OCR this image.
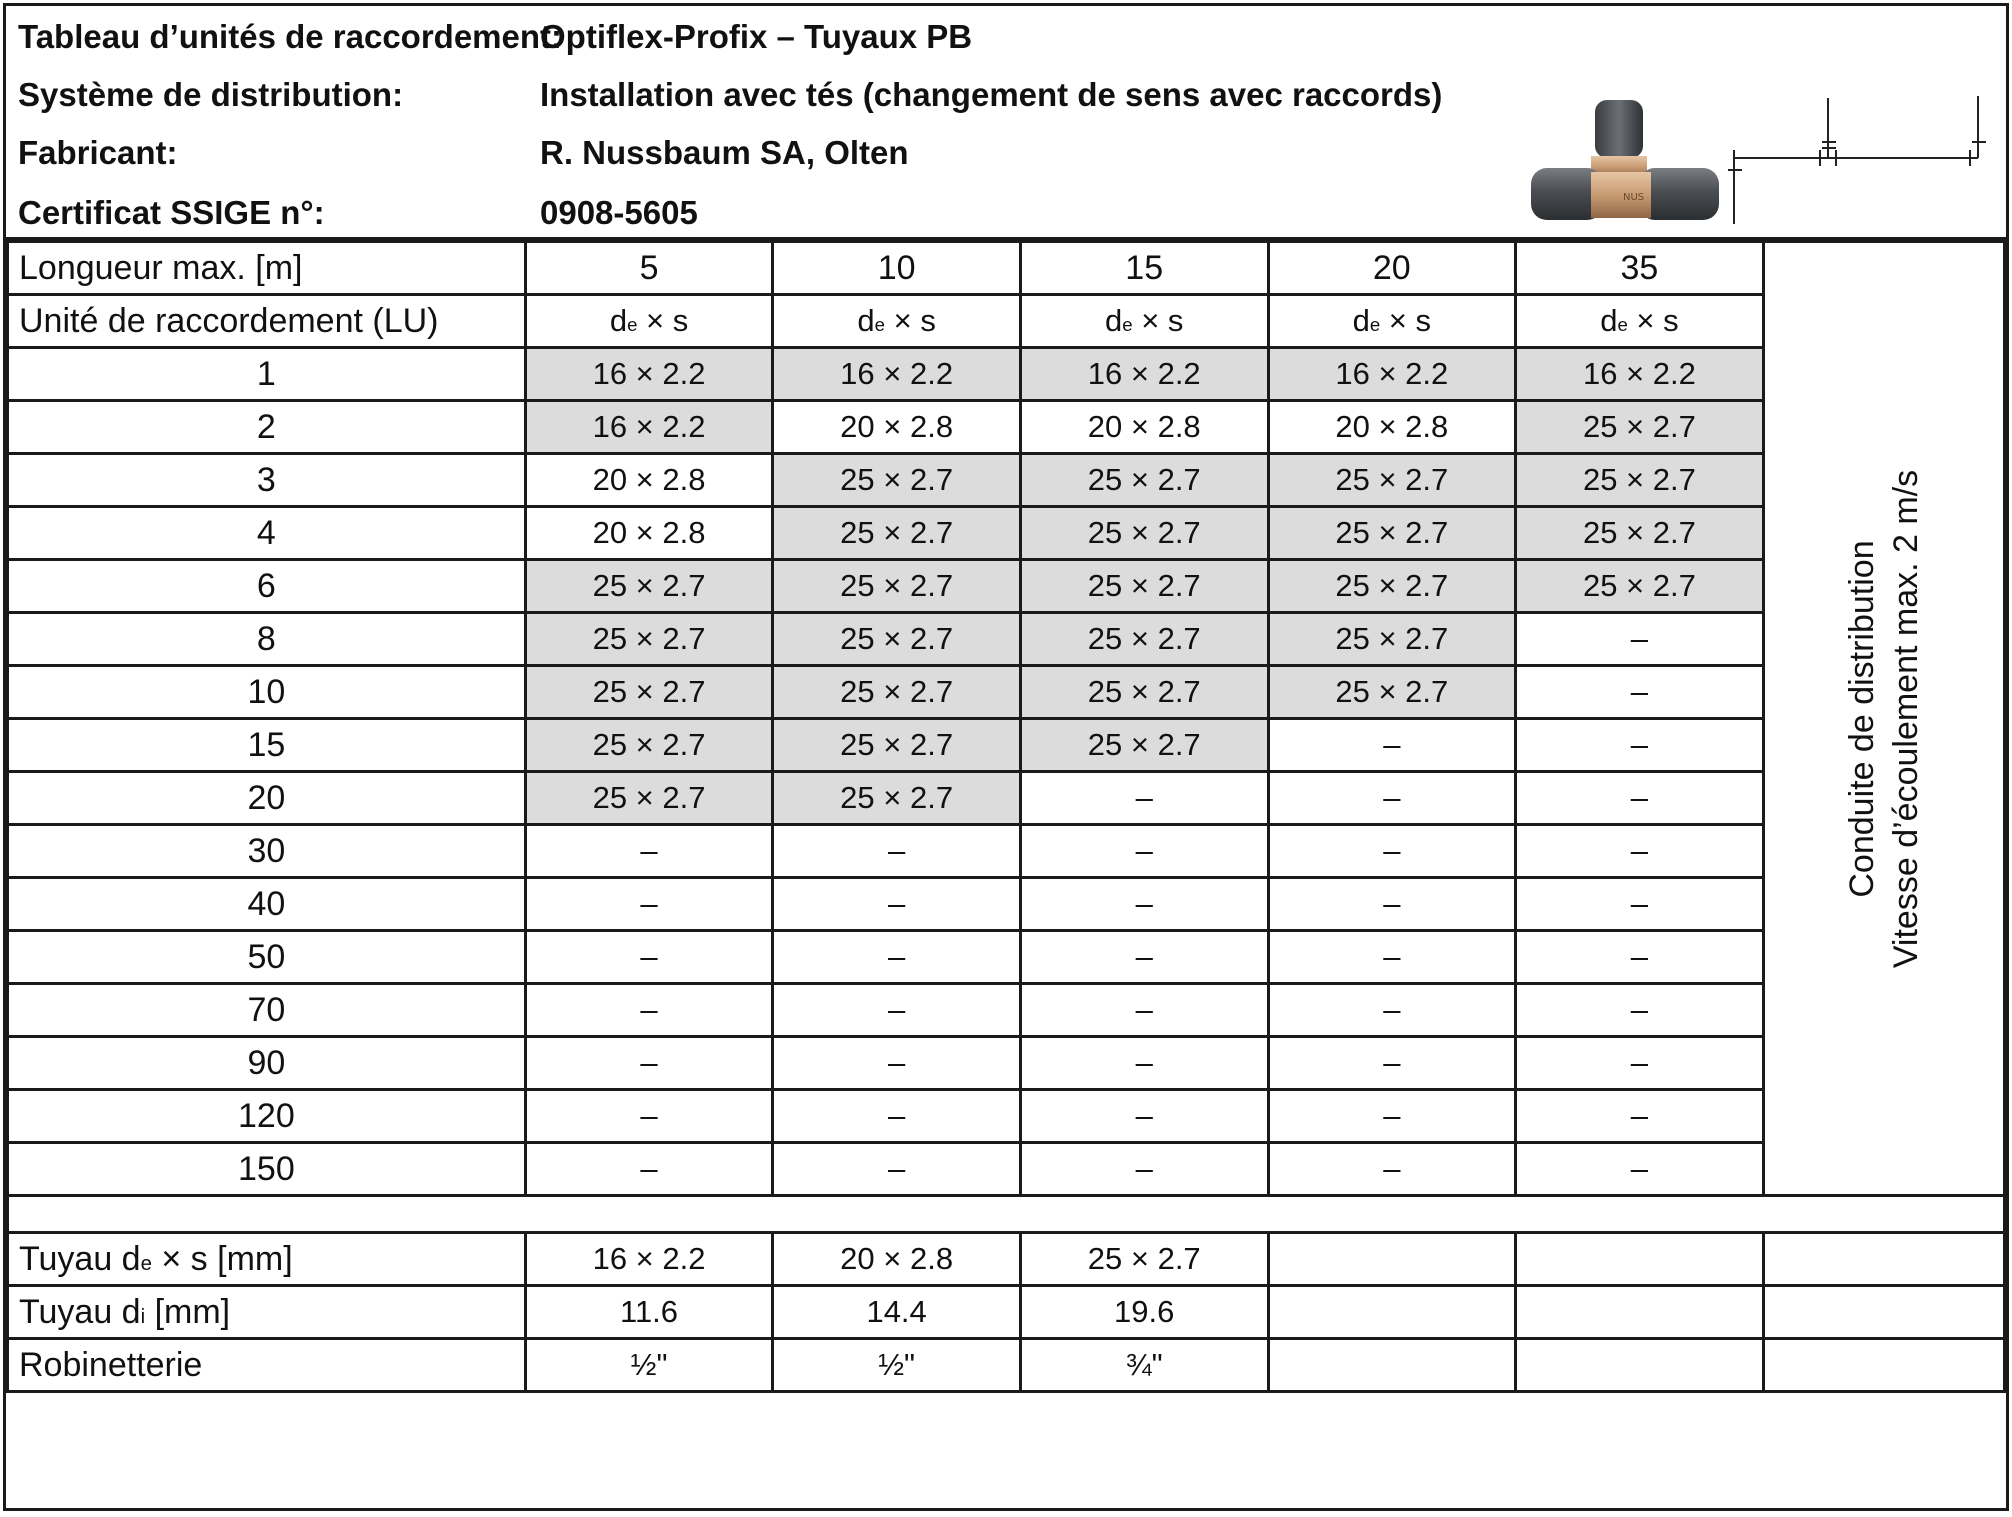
Tableau d’unités de raccordement:
Optiflex-Profix – Tuyaux PB
Système de distribution:	Installation avec tés (changement de sens avec raccords)
Fabricant:	R. Nussbaum SA, Olten
Certificat SSIGE n°:	0908-5605	NUS
Longueur max. [m]	5	10	15	20	35	Conduite de distribution Vitesse d’écoulement max. 2 m/s

Unité de raccordement (LU)	de × s	de × s	de × s	de × s	de × s	
1	16 × 2.2	16 × 2.2	16 × 2.2	16 × 2.2	16 × 2.2	
2	16 × 2.2	20 × 2.8	20 × 2.8	20 × 2.8	25 × 2.7	
3	20 × 2.8	25 × 2.7	25 × 2.7	25 × 2.7	25 × 2.7	
4	20 × 2.8	25 × 2.7	25 × 2.7	25 × 2.7	25 × 2.7	
6	25 × 2.7	25 × 2.7	25 × 2.7	25 × 2.7	25 × 2.7	
8	25 × 2.7	25 × 2.7	25 × 2.7	25 × 2.7	–	
10	25 × 2.7	25 × 2.7	25 × 2.7	25 × 2.7	–	
15	25 × 2.7	25 × 2.7	25 × 2.7	–	–	
20	25 × 2.7	25 × 2.7	–	–	–	
30	–	–	–	–	–	
40	–	–	–	–	–	
50	–	–	–	–	–	
70	–	–	–	–	–	
90	–	–	–	–	–	
120	–	–	–	–	–	
150	–	–	–	–	–	

Tuyau de × s [mm]	16 × 2.2	20 × 2.8	25 × 2.7			
Tuyau di [mm]	11.6	14.4	19.6			
Robinetterie	½"	½"	¾"			
